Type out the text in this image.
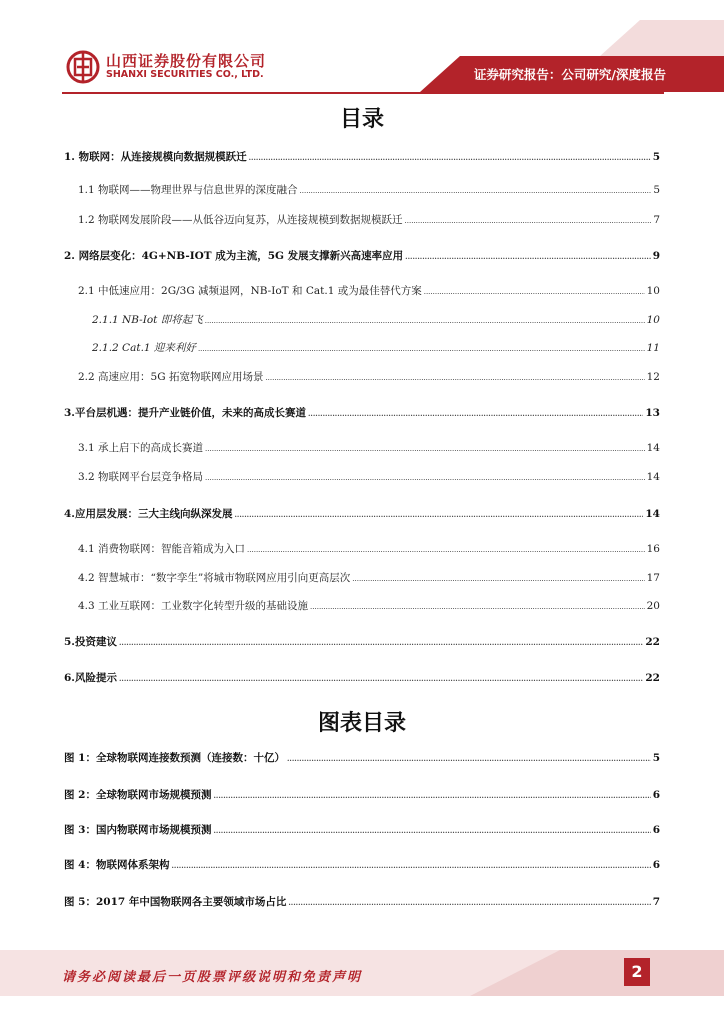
山西证券股份有限公司
SHANXI SECURITIES CO., LTD.	证券研究报告：公司研究/深度报告
目录
1. 物联网：从连接规模向数据规模跃迁 .....	5
1.1 物联网——物理世界与信息世界的深度融合 .....	5
1.2 物联网发展阶段——从低谷迈向复苏，从连接规模到数据规模跃迁 .....	7
2. 网络层变化：4G+NB-IOT 成为主流，5G 发展支撑新兴高速率应用 .....	9
2.1 中低速应用：2G/3G 减频退网，NB-IoT 和 Cat.1 或为最佳替代方案 .....	10
2.1.1 NB-Iot 即将起飞 .....	10
2.1.2 Cat.1 迎来利好 .....	11
2.2 高速应用：5G 拓宽物联网应用场景 .....	12
3.平台层机遇：提升产业链价值，未来的高成长赛道 .....	13
3.1 承上启下的高成长赛道 .....	14
3.2 物联网平台层竞争格局 .....	14
4.应用层发展：三大主线向纵深发展 .....	14
4.1 消费物联网：智能音箱成为入口 .....	16
4.2 智慧城市：“数字孪生”将城市物联网应用引向更高层次 .....	17
4.3 工业互联网：工业数字化转型升级的基础设施 .....	20
5.投资建议 .....	22
6.风险提示 .....	22
图表目录
图 1：全球物联网连接数预测（连接数：十亿） .....	5
图 2：全球物联网市场规模预测 .....	6
图 3：国内物联网市场规模预测 .....	6
图 4：物联网体系架构 .....	6
图 5：2017 年中国物联网各主要领域市场占比 .....	7
请务必阅读最后一页股票评级说明和免责声明	2
